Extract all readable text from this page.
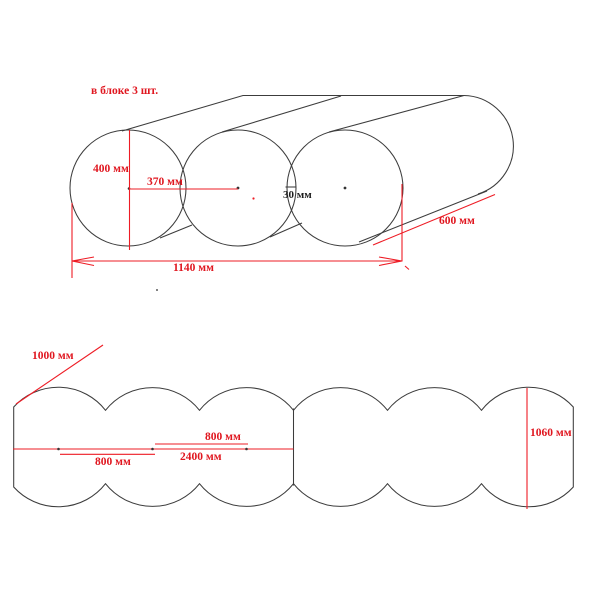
в блоке 3 шт.
400 мм
370 мм
30 мм
600 мм
1140 мм
1000 мм
800 мм
800 мм	2400 мм
1060 мм
